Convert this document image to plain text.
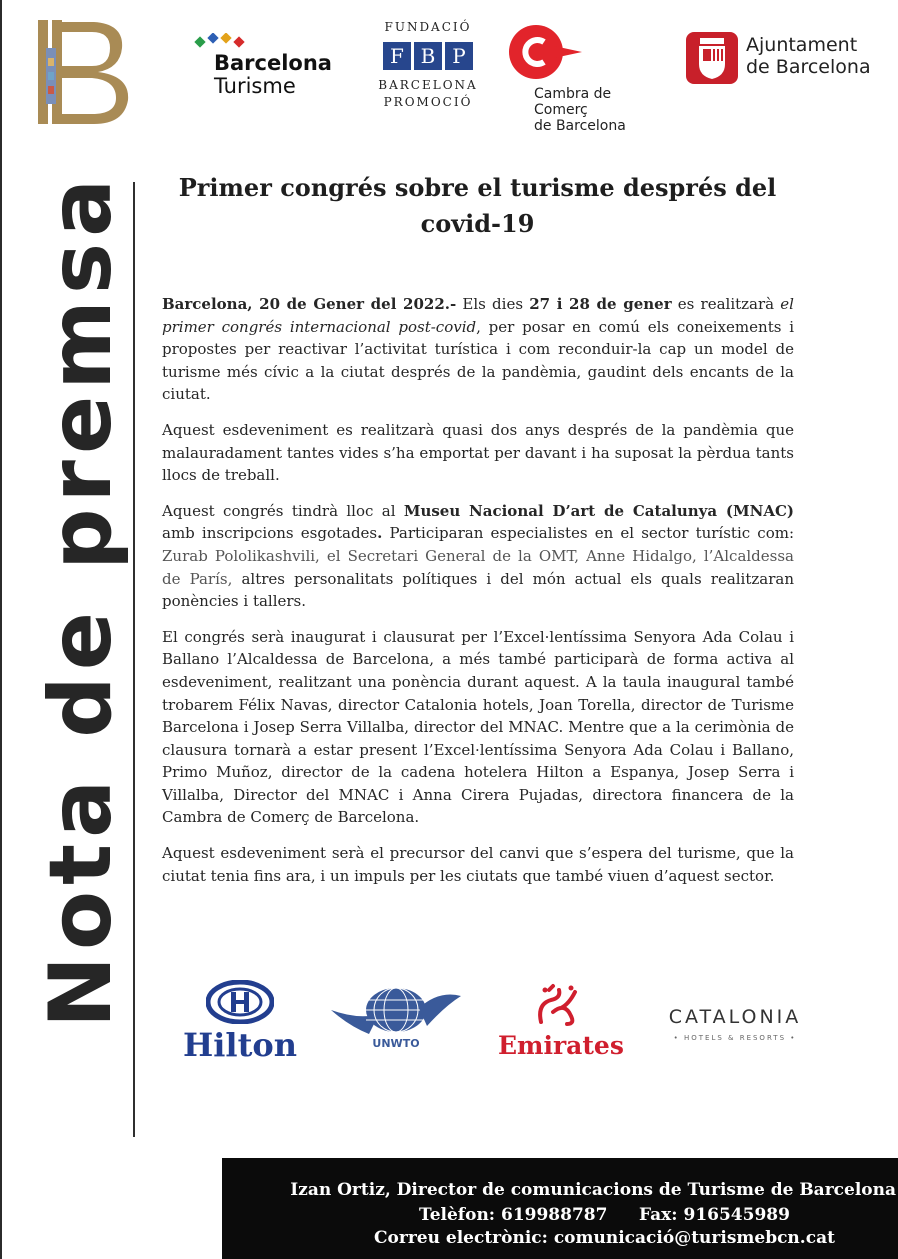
Barcelona
Turisme
FUNDACIÓ
F B P
BARCELONA
PROMOCIÓ	Cambra de Comerç
de Barcelona
Ajuntament
de Barcelona
Nota de premsa	Primer congrés sobre el turisme després del covid-19

Barcelona, 20 de Gener del 2022.- Els dies 27 i 28 de gener es realitzarà el primer congrés internacional post-covid, per posar en comú els coneixements i propostes per reactivar l’activitat turística i com reconduir-la cap un model de turisme més cívic a la ciutat després de la pandèmia, gaudint dels encants de la ciutat.

Aquest esdeveniment es realitzarà quasi dos anys després de la pandèmia que malauradament tantes vides s’ha emportat per davant i ha suposat la pèrdua tants llocs de treball.

Aquest congrés tindrà lloc al Museu Nacional D’art de Catalunya (MNAC) amb inscripcions esgotades. Participaran especialistes en el sector turístic com: Zurab Pololikashvili, el Secretari General de la OMT, Anne Hidalgo, l’Alcaldessa de París, altres personalitats polítiques i del món actual els quals realitzaran ponències i tallers.

El congrés serà inaugurat i clausurat per l’Excel·lentíssima Senyora Ada Colau i Ballano l’Alcaldessa de Barcelona, a més també participarà de forma activa al esdeveniment, realitzant una ponència durant aquest. A la taula inaugural també trobarem Félix Navas, director Catalonia hotels, Joan Torella, director de Turisme Barcelona i Josep Serra Villalba, director del MNAC. Mentre que a la cerimònia de clausura tornarà a estar present l’Excel·lentíssima Senyora Ada Colau i Ballano, Primo Muñoz, director de la cadena hotelera Hilton a Espanya, Josep Serra i Villalba, Director del MNAC i Anna Cirera Pujadas, directora financera de la Cambra de Comerç de Barcelona.

Aquest esdeveniment serà el precursor del canvi que s’espera del turisme, que la ciutat tenia fins ara, i un impuls per les ciutats que també viuen d’aquest sector.

Hilton	UNWTO	Emirates
CATALONIA
• HOTELS & RESORTS •
Izan Ortiz, Director de comunicacions de Turisme de Barcelona
Telèfon: 619988787 Fax: 916545989
Correu electrònic: comunicació@turismebcn.cat
